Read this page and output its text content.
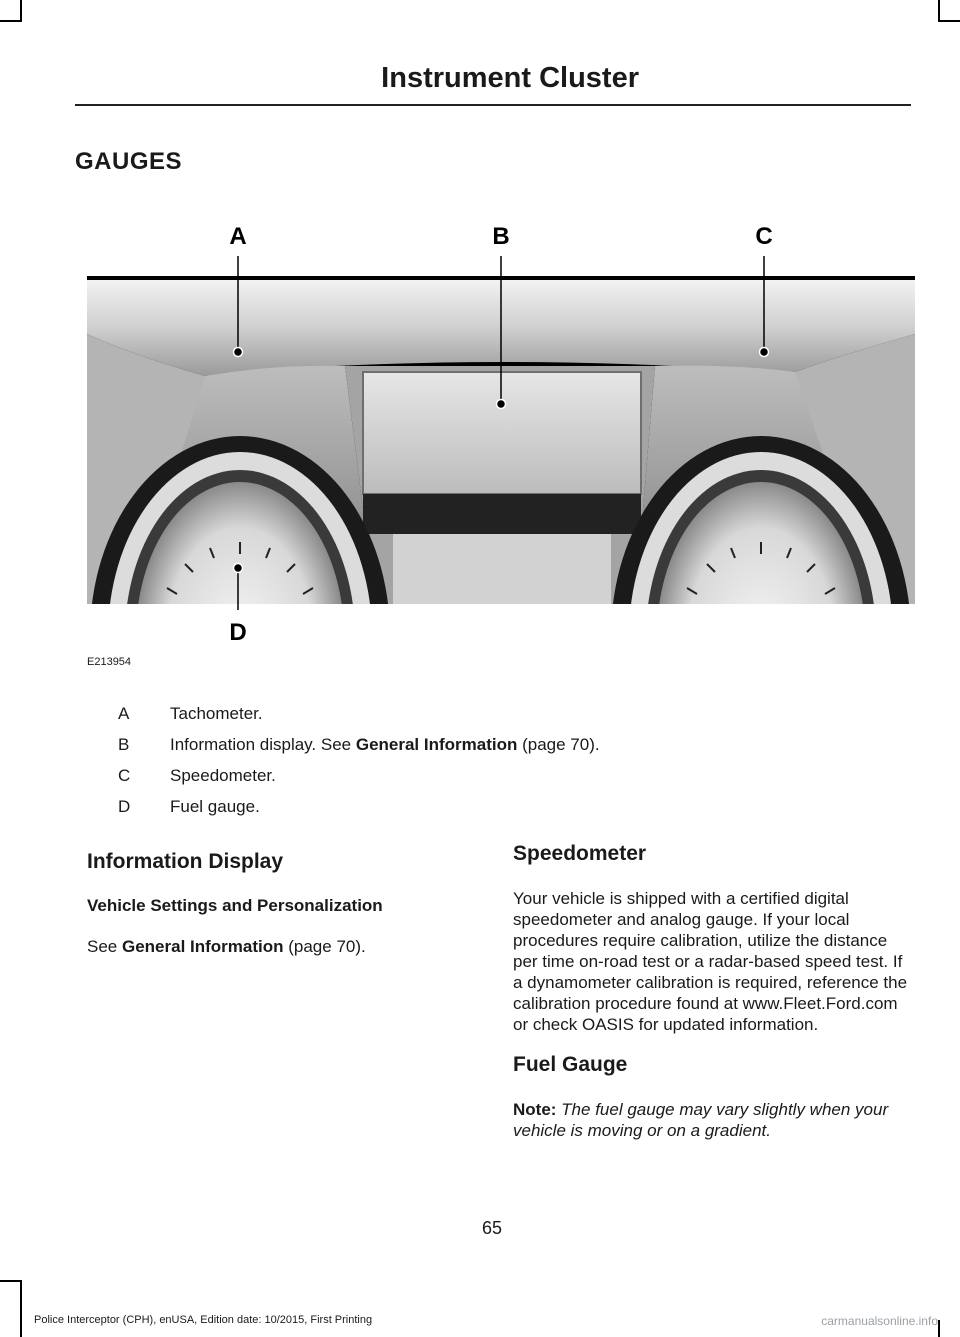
Instrument Cluster
GAUGES
A	B	C
D
E213954
A	Tachometer.
B	Information display. See General Information (page 70).
C	Speedometer.
D	Fuel gauge.
Information Display
Vehicle Settings and Personalization

See General Information (page 70).

Speedometer

Your vehicle is shipped with a certified digital speedometer and analog gauge. If your local procedures require calibration, utilize the distance per time on-road test or a radar-based speed test. If a dynamometer calibration is required, reference the calibration procedure found at www.Fleet.Ford.com or check OASIS for updated information.

Fuel Gauge

Note: The fuel gauge may vary slightly when your vehicle is moving or on a gradient.

65
Police Interceptor (CPH), enUSA, Edition date: 10/2015, First Printing	carmanualsonline.info
